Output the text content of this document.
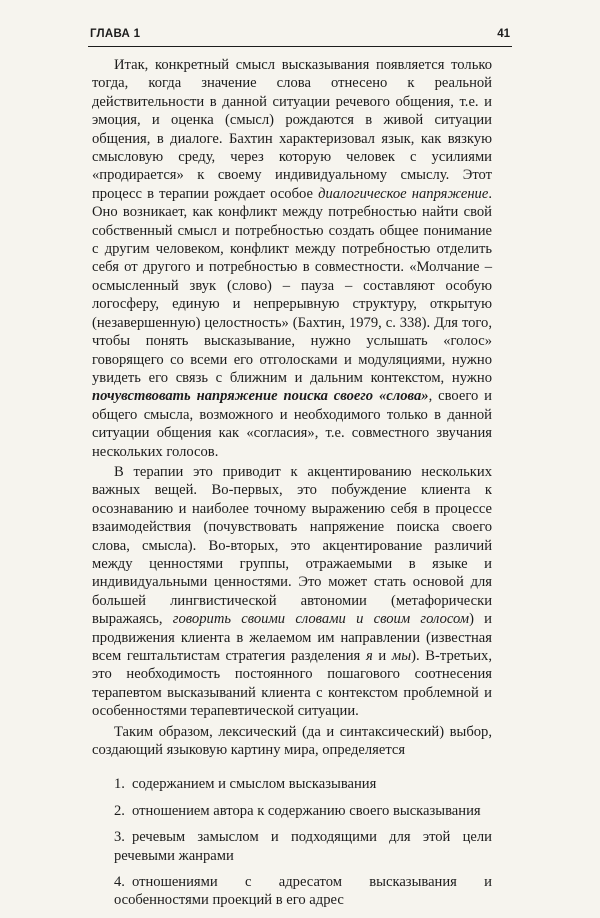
ГЛАВА 1	41

Итак, конкретный смысл высказывания появляется только тогда, когда значение слова отнесено к реальной действительности в данной ситуации речевого общения, т.е. и эмоция, и оценка (смысл) рождаются в живой ситуации общения, в диалоге. Бахтин характеризовал язык, как вязкую смысловую среду, через которую человек с усилиями «продирается» к своему индивидуальному смыслу. Этот процесс в терапии рождает особое диалогическое напряжение. Оно возникает, как конфликт между потребностью найти свой собственный смысл и потребностью создать общее понимание с другим человеком, конфликт между потребностью отделить себя от другого и потребностью в совместности. «Молчание – осмысленный звук (слово) – пауза – составляют особую логосферу, единую и непрерывную структуру, открытую (незавершенную) целостность» (Бахтин, 1979, с. 338). Для того, чтобы понять высказывание, нужно услышать «голос» говорящего со всеми его отголосками и модуляциями, нужно увидеть его связь с ближним и дальним контекстом, нужно почувствовать напряжение поиска своего «слова», своего и общего смысла, возможного и необходимого только в данной ситуации общения как «согласия», т.е. совместного звучания нескольких голосов.

В терапии это приводит к акцентированию нескольких важных вещей. Во-первых, это побуждение клиента к осознаванию и наиболее точному выражению себя в процессе взаимодействия (почувствовать напряжение поиска своего слова, смысла). Во-вторых, это акцентирование различий между ценностями группы, отражаемыми в языке и индивидуальными ценностями. Это может стать основой для большей лингвистической автономии (метафорически выражаясь, говорить своими словами и своим голосом) и продвижения клиента в желаемом им направлении (известная всем гештальтистам стратегия разделения я и мы). В-третьих, это необходимость постоянного пошагового соотнесения терапевтом высказываний клиента с контекстом проблемной и особенностями терапевтической ситуации.

Таким образом, лексический (да и синтаксический) выбор, создающий языковую картину мира, определяется

1. содержанием и смыслом высказывания
2. отношением автора к содержанию своего высказывания
3. речевым замыслом и подходящими для этой цели речевыми жанрами
4. отношениями с адресатом высказывания и особенностями проекций в его адрес
